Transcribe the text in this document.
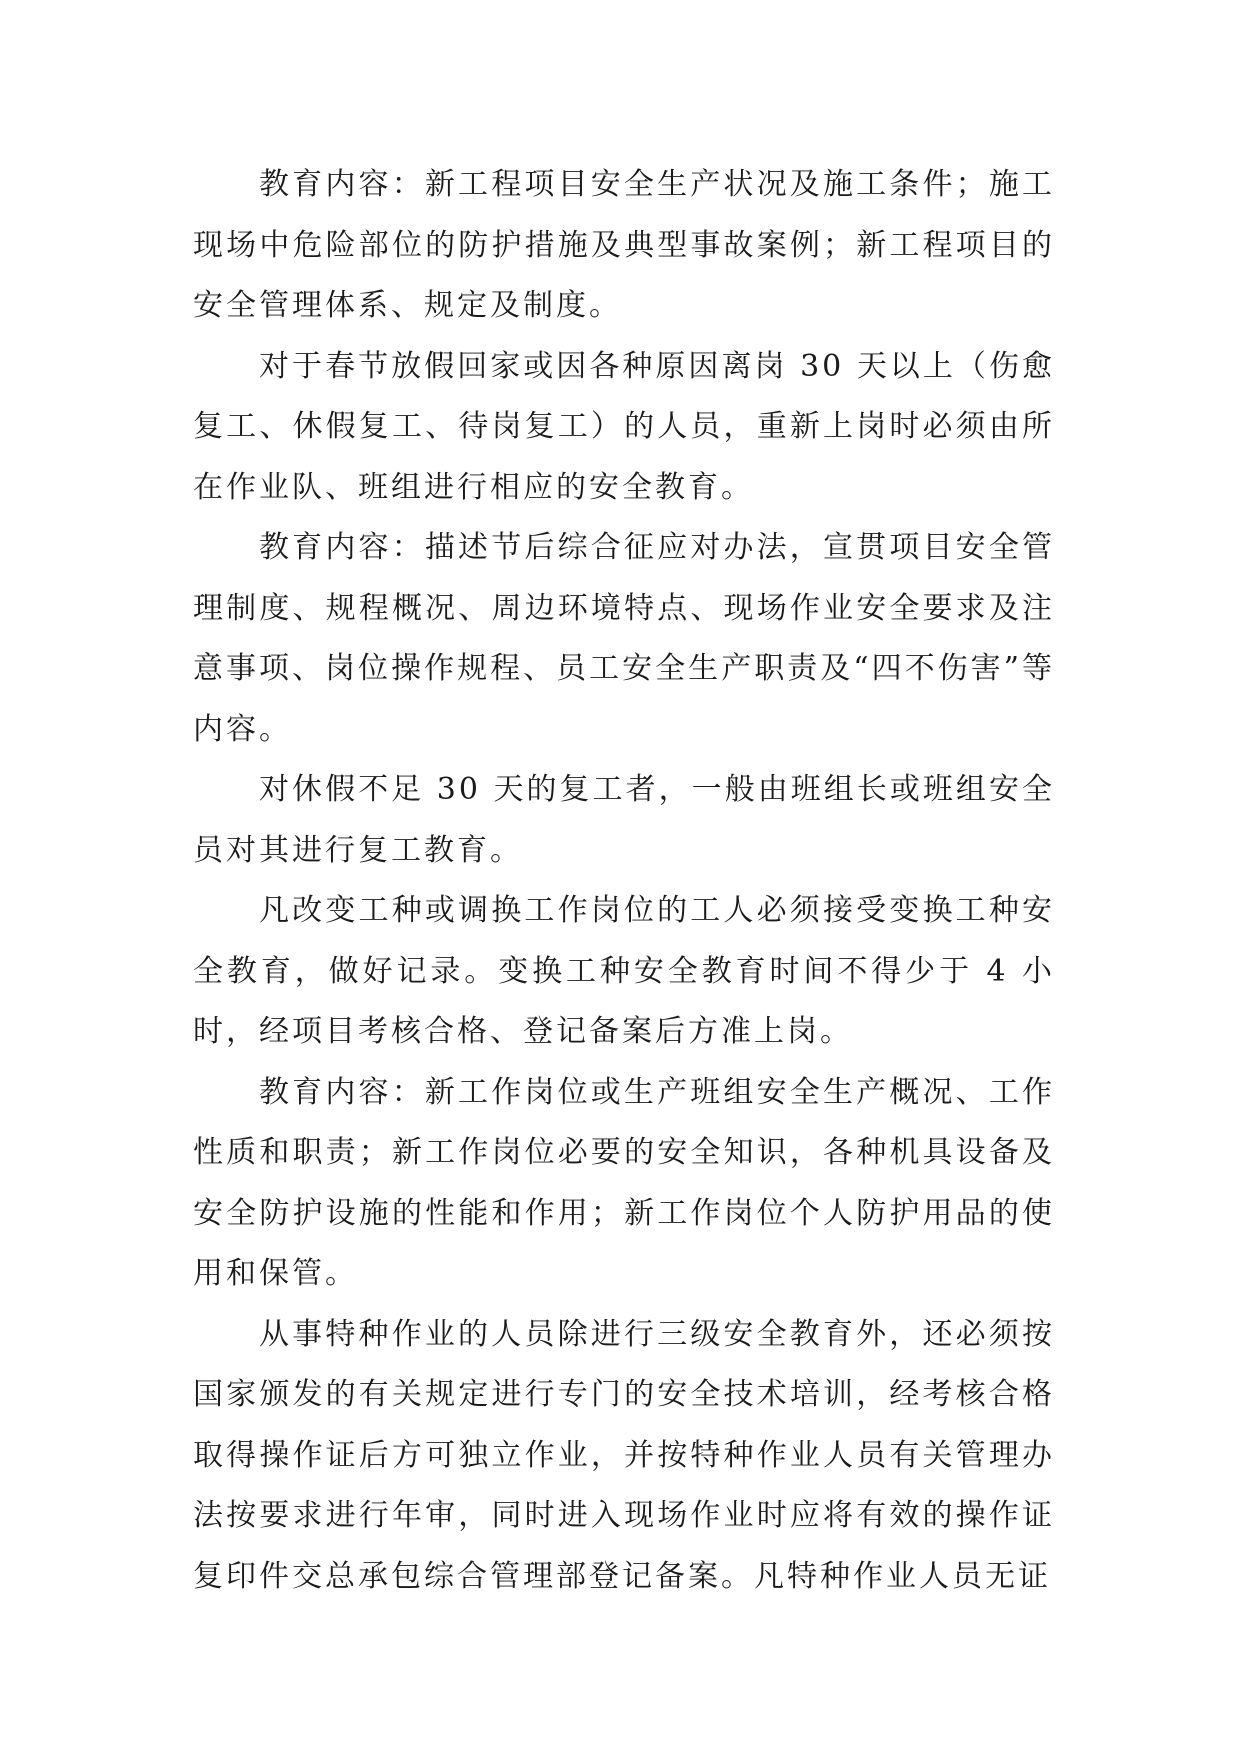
教育内容：新工程项目安全生产状况及施工条件；施工现场中危险部位的防护措施及典型事故案例；新工程项目的安全管理体系、规定及制度。

对于春节放假回家或因各种原因离岗 30 天以上（伤愈复工、休假复工、待岗复工）的人员，重新上岗时必须由所在作业队、班组进行相应的安全教育。

教育内容：描述节后综合征应对办法，宣贯项目安全管理制度、规程概况、周边环境特点、现场作业安全要求及注意事项、岗位操作规程、员工安全生产职责及“四不伤害”等内容。

对休假不足 30 天的复工者，一般由班组长或班组安全员对其进行复工教育。

凡改变工种或调换工作岗位的工人必须接受变换工种安全教育，做好记录。变换工种安全教育时间不得少于 4 小时，经项目考核合格、登记备案后方准上岗。

教育内容：新工作岗位或生产班组安全生产概况、工作性质和职责；新工作岗位必要的安全知识，各种机具设备及安全防护设施的性能和作用；新工作岗位个人防护用品的使用和保管。

从事特种作业的人员除进行三级安全教育外，还必须按国家颁发的有关规定进行专门的安全技术培训，经考核合格取得操作证后方可独立作业，并按特种作业人员有关管理办法按要求进行年审，同时进入现场作业时应将有效的操作证复印件交总承包综合管理部登记备案。凡特种作业人员无证
